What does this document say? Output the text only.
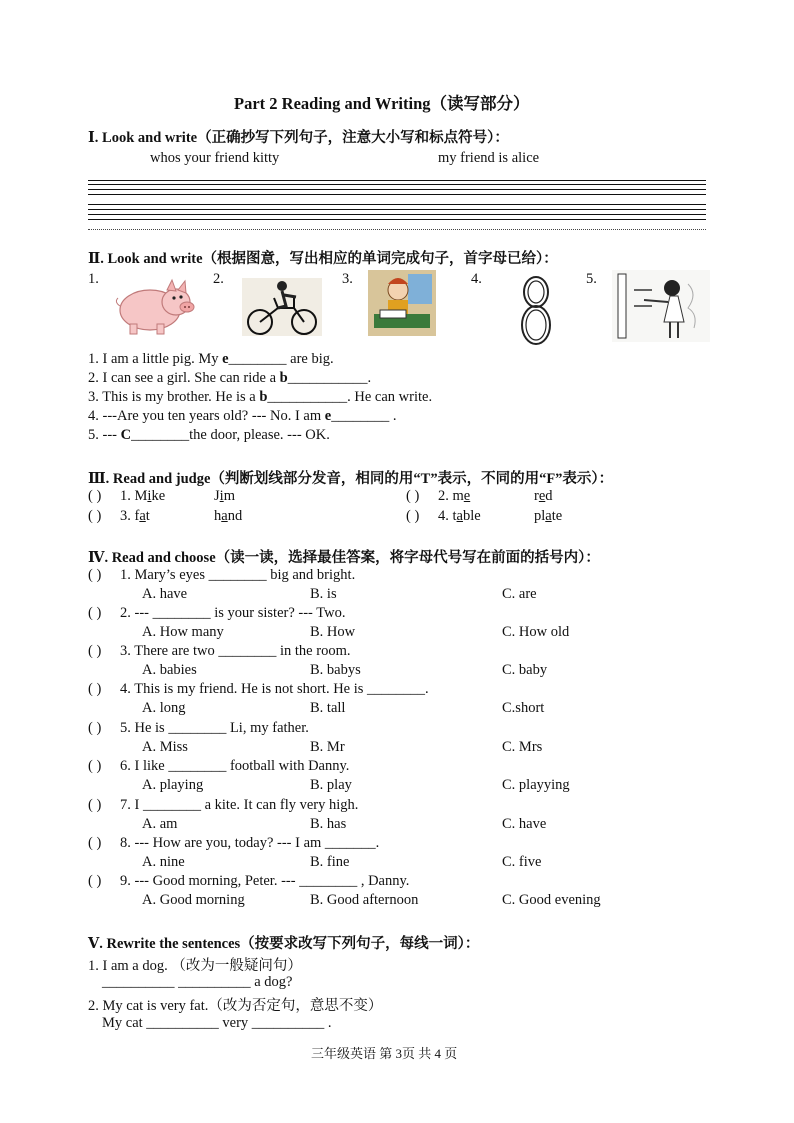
Part 2 Reading and Writing（读写部分）
Ⅰ. Look and write（正确抄写下列句子，注意大小写和标点符号）：
whos your friend kitty	my friend is alice
Ⅱ. Look and write（根据图意，写出相应的单词完成句子，首字母已给）：
1.	2.	3.	4.	5.
1. I am a little pig. My e________ are big.
2. I can see a girl. She can ride a b___________.
3. This is my brother. He is a b___________. He can write.
4. ---Are you ten years old? --- No. I am e________ .
5. --- C________the door, please. --- OK.
Ⅲ. Read and judge（判断划线部分发音，相同的用“T”表示，不同的用“F”表示）：
( ) 1. Mike	Jim	( ) 2. me	red
( ) 3. fat	hand	( ) 4. table	plate
Ⅳ. Read and choose（读一读，选择最佳答案，将字母代号写在前面的括号内）：
( ) 1. Mary’s eyes ________ big and bright.
A. have	B. is	C. are
( ) 2. --- ________ is your sister? --- Two.
A. How many	B. How	C. How old
( ) 3. There are two ________ in the room.
A. babies	B. babys	C. baby
( ) 4. This is my friend. He is not short. He is ________.
A. long	B. tall	C.short
( ) 5. He is ________ Li, my father.
A. Miss	B. Mr	C. Mrs
( ) 6. I like ________ football with Danny.
A. playing	B. play	C. playying
( ) 7. I ________ a kite. It can fly very high.
A. am	B. has	C. have
( ) 8. --- How are you, today? --- I am _______.
A. nine	B. fine	C. five
( ) 9. --- Good morning, Peter. --- ________ , Danny.
A. Good morning	B. Good afternoon	C. Good evening
Ⅴ. Rewrite the sentences（按要求改写下列句子，每线一词）：
1. I am a dog. （改为一般疑问句）
__________ __________ a dog?
2. My cat is very fat.（改为否定句，意思不变）
My cat __________ very __________ .
三年级英语 第 3页 共 4 页
